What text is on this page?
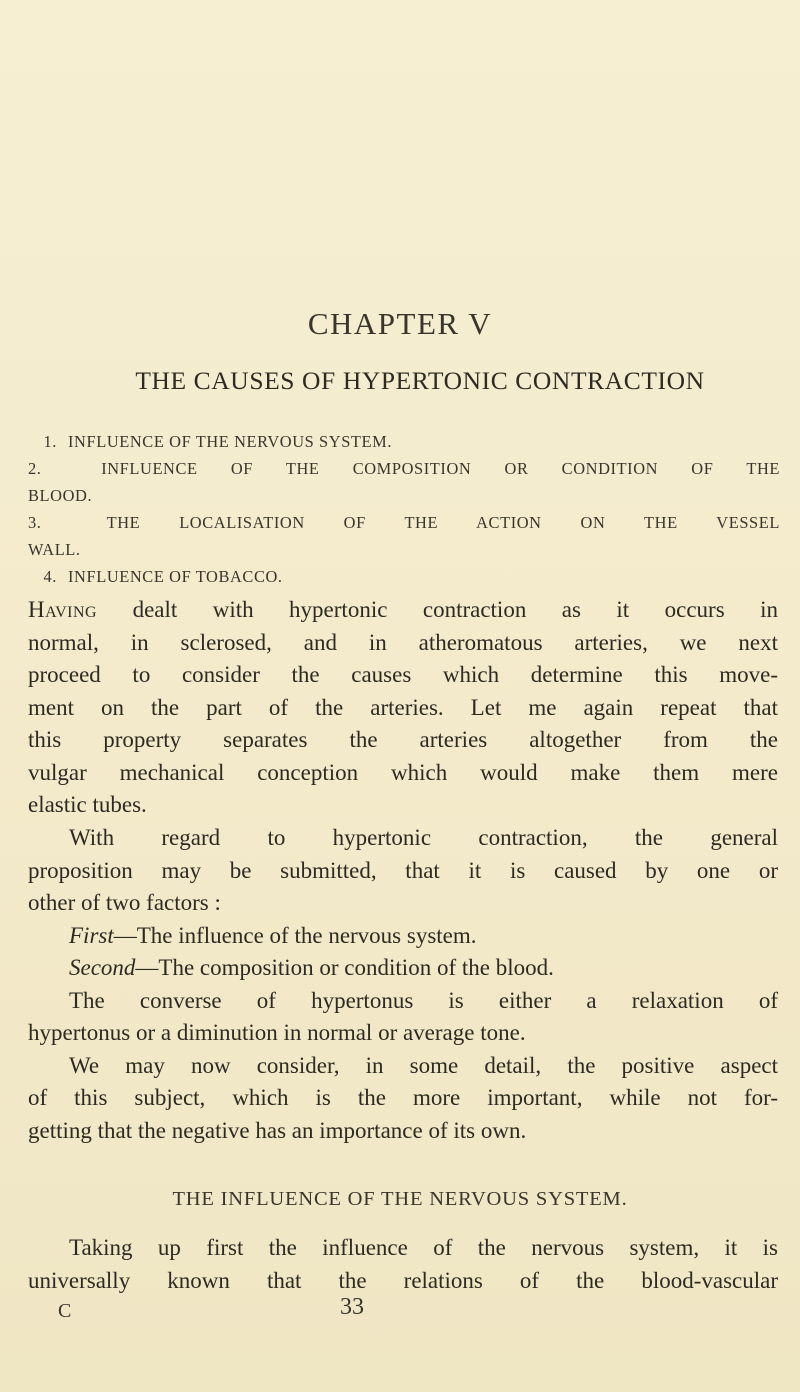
CHAPTER V
THE CAUSES OF HYPERTONIC CONTRACTION
1. INFLUENCE OF THE NERVOUS SYSTEM.
2.	INFLUENCE OF THE COMPOSITION OR CONDITION OF THE
BLOOD.
3.	THE LOCALISATION OF THE ACTION ON THE VESSEL
WALL.
4. INFLUENCE OF TOBACCO.
Having dealt with hypertonic contraction as it occurs in
normal, in sclerosed, and in atheromatous arteries, we next
proceed to consider the causes which determine this move-
ment on the part of the arteries. Let me again repeat that
this property separates the arteries altogether from the
vulgar mechanical conception which would make them mere
elastic tubes.
With regard to hypertonic contraction, the general
proposition may be submitted, that it is caused by one or
other of two factors :
First—The influence of the nervous system.
Second—The composition or condition of the blood.
The converse of hypertonus is either a relaxation of
hypertonus or a diminution in normal or average tone.
We may now consider, in some detail, the positive aspect
of this subject, which is the more important, while not for-
getting that the negative has an importance of its own.
THE INFLUENCE OF THE NERVOUS SYSTEM.
Taking up first the influence of the nervous system, it is
universally known that the relations of the blood-vascular
C	33
